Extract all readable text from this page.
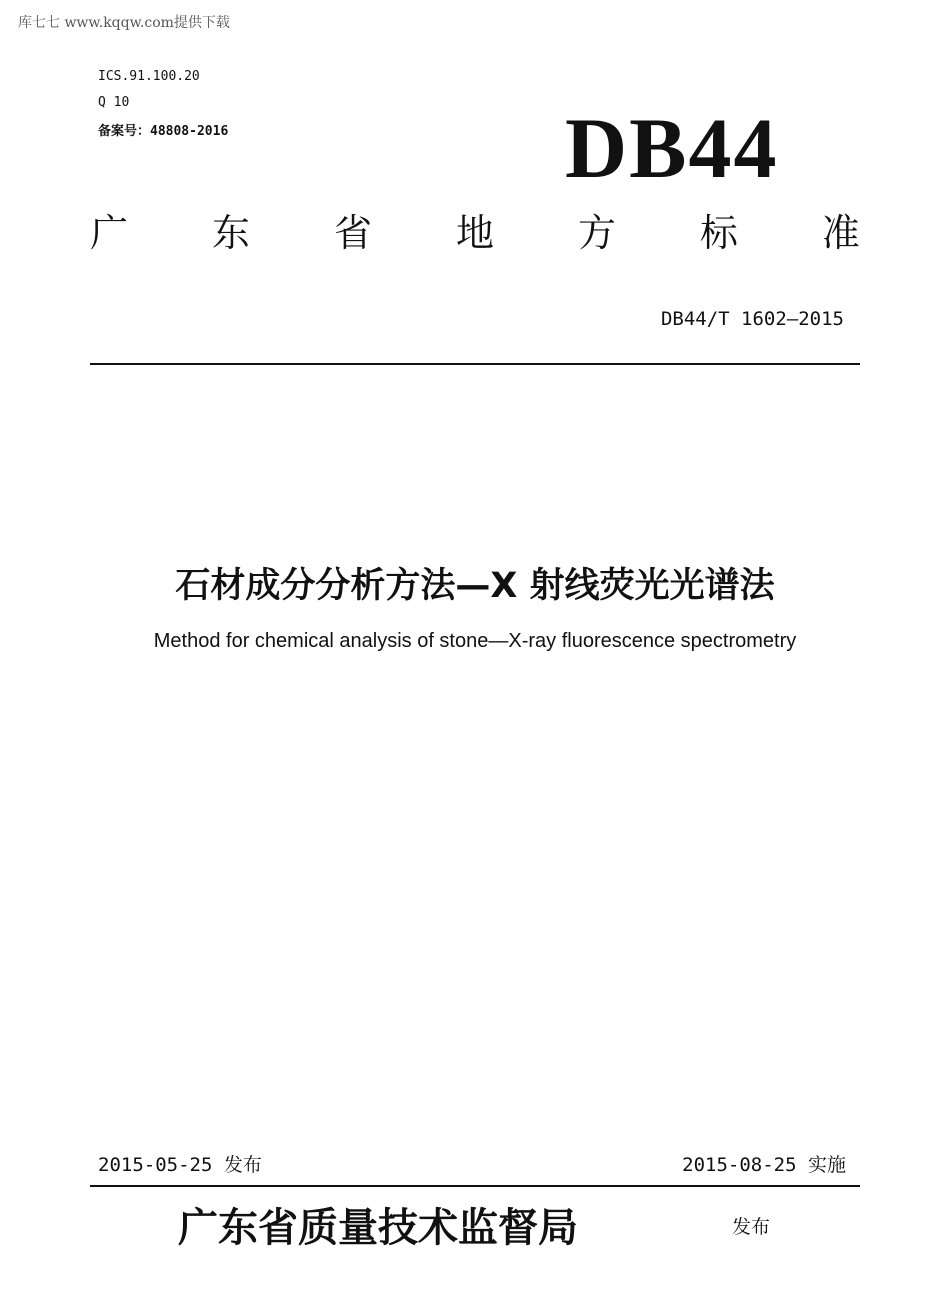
库七七 www.kqqw.com提供下载
ICS.91.100.20
Q 10
备案号：48808-2016	DB44
广 东 省 地 方 标 准
DB44/T 1602—2015
石材成分分析方法—X 射线荧光光谱法
Method for chemical analysis of stone—X-ray fluorescence spectrometry
2015-05-25 发布	2015-08-25 实施
广东省质量技术监督局	发布
